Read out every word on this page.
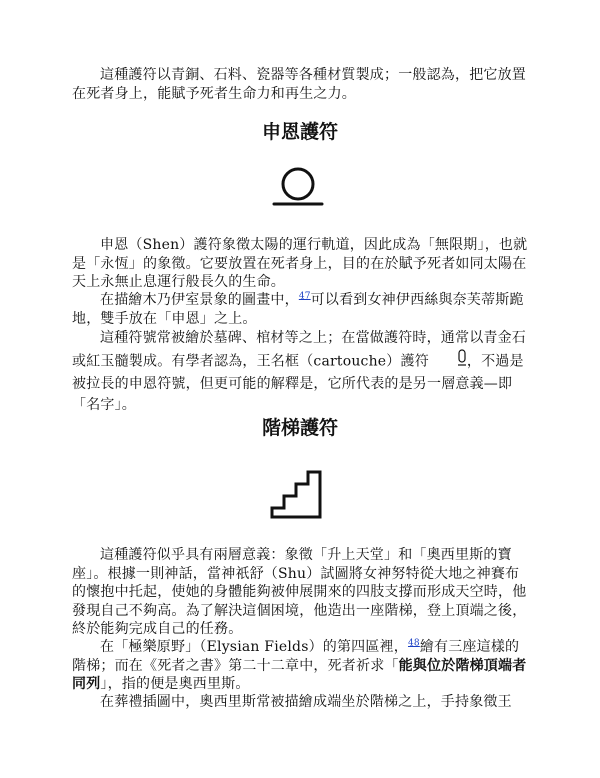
這種護符以青銅、石料、瓷器等各種材質製成；一般認為，把它放置在死者身上，能賦予死者生命力和再生之力。

申恩護符

申恩（Shen）護符象徵太陽的運行軌道，因此成為「無限期」，也就是「永恆」的象徵。它要放置在死者身上，目的在於賦予死者如同太陽在天上永無止息運行般長久的生命。

在描繪木乃伊室景象的圖畫中，$^{47}$可以看到女神伊西絲與奈芙蒂斯跪地，雙手放在「申恩」之上。

這種符號常被繪於墓碑、棺材等之上；在當做護符時，通常以青金石或紅玉髓製成。有學者認為，王名框（cartouche）護符	，不過是被拉長的申恩符號，但更可能的解釋是，它所代表的是另一層意義—即「名字」。

階梯護符

這種護符似乎具有兩層意義：象徵「升上天堂」和「奧西里斯的寶座」。根據一則神話，當神祇舒（Shu）試圖將女神努特從大地之神賽布的懷抱中托起，使她的身體能夠被伸展開來的四肢支撐而形成天空時，他發現自己不夠高。為了解決這個困境，他造出一座階梯，登上頂端之後，終於能夠完成自己的任務。

在「極樂原野」（Elysian Fields）的第四區裡，$^{48}$繪有三座這樣的階梯；而在《死者之書》第二十二章中，死者祈求「能與位於階梯頂端者同列」，指的便是奧西里斯。

在葬禮插圖中，奧西里斯常被描繪成端坐於階梯之上，手持象徵王
